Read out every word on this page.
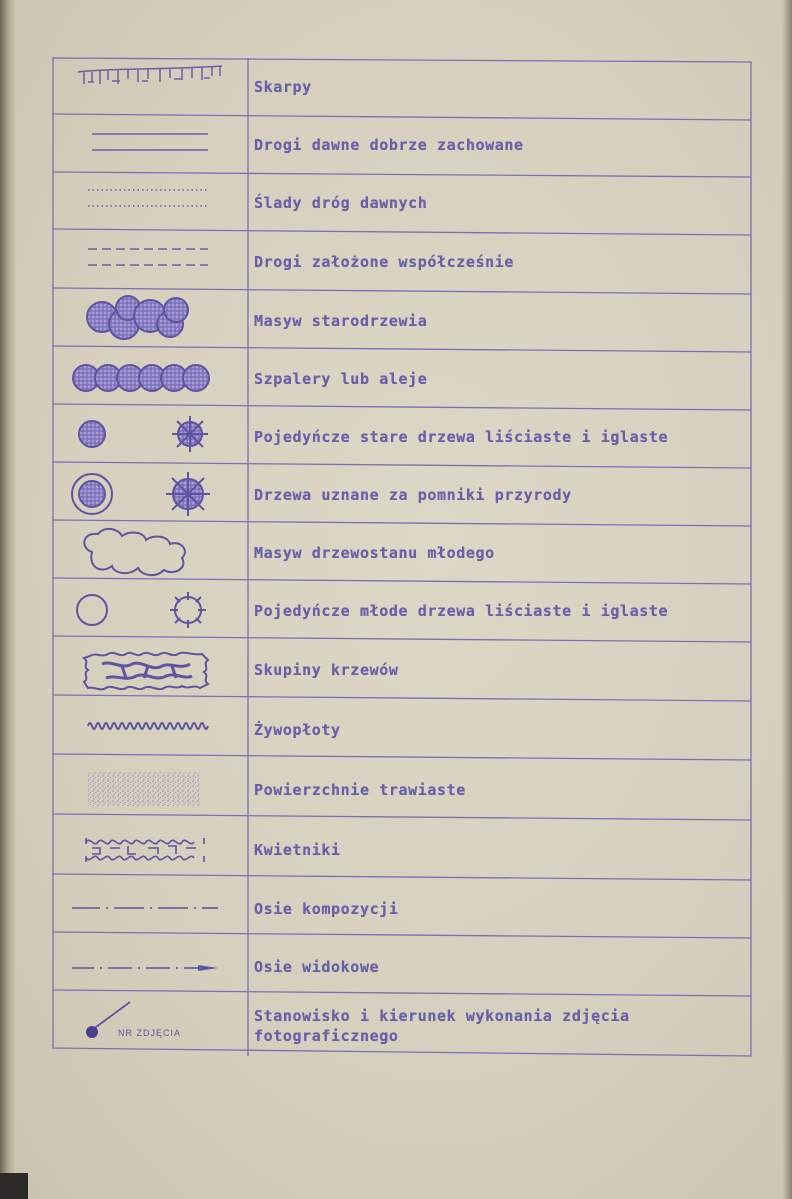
Skarpy
Drogi dawne dobrze zachowane
Ślady dróg dawnych
Drogi założone współcześnie
Masyw starodrzewia
Szpalery lub aleje
Pojedyńcze stare drzewa liściaste i iglaste
Drzewa uznane za pomniki przyrody
Masyw drzewostanu młodego
Pojedyńcze młode drzewa liściaste i iglaste
Skupiny krzewów
Żywopłoty
Powierzchnie trawiaste
Kwietniki
Osie kompozycji
Osie widokowe
NR ZDJĘCIA
Stanowisko i kierunek wykonania zdjęcia fotograficznego
